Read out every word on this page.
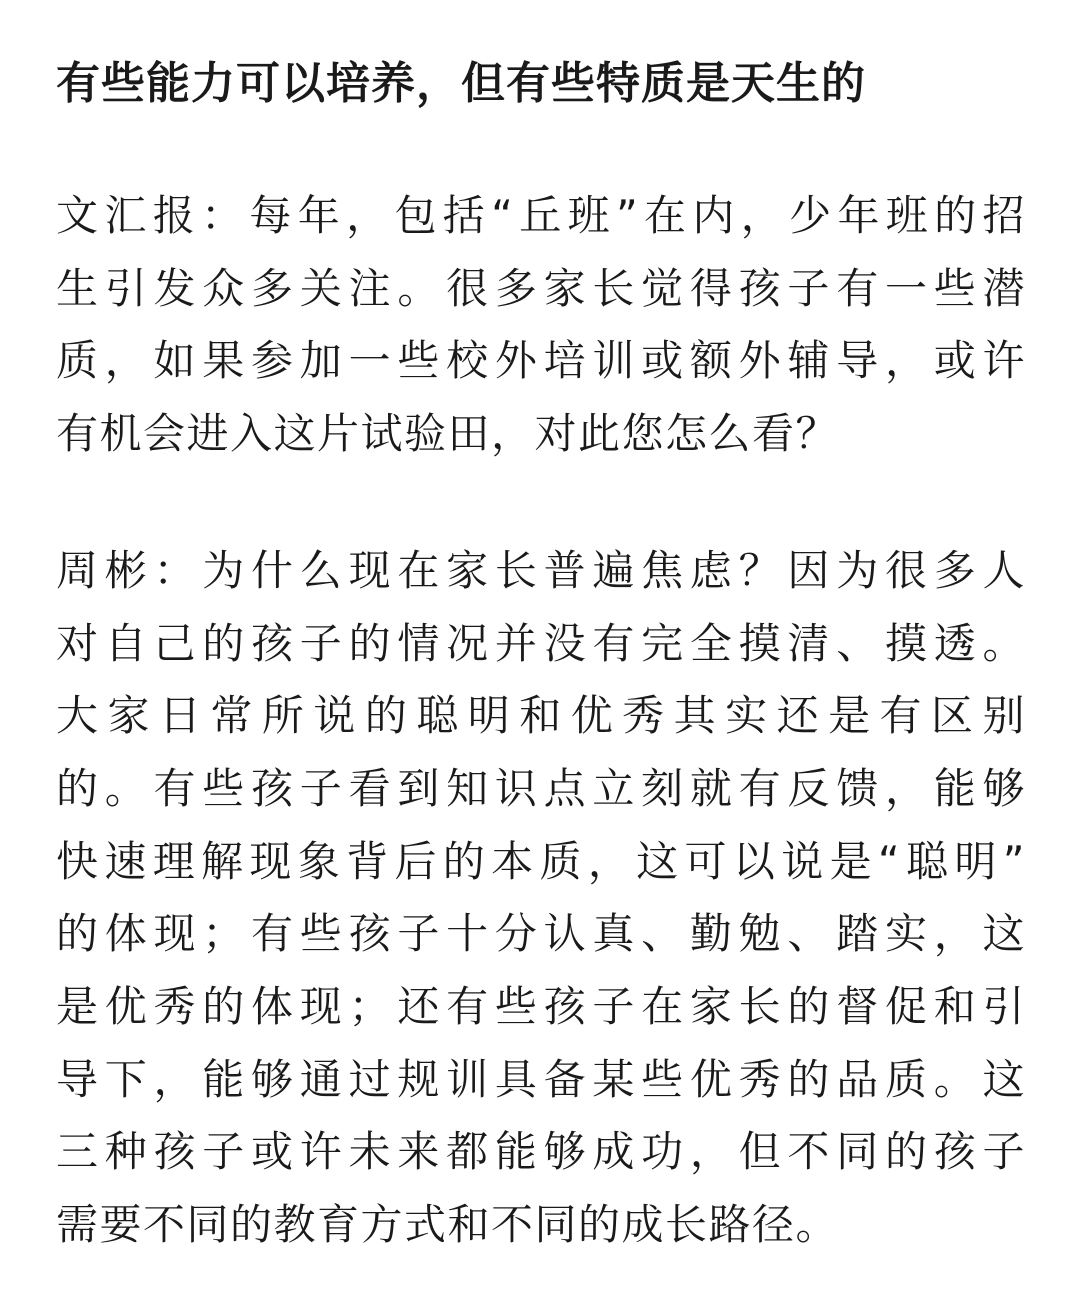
有些能力可以培养，但有些特质是天生的
文汇报：每年，包括“丘班”在内，少年班的招
生引发众多关注。很多家长觉得孩子有一些潜
质，如果参加一些校外培训或额外辅导，或许
有机会进入这片试验田，对此您怎么看？
周彬：为什么现在家长普遍焦虑？因为很多人
对自己的孩子的情况并没有完全摸清、摸透。
大家日常所说的聪明和优秀其实还是有区别
的。有些孩子看到知识点立刻就有反馈，能够
快速理解现象背后的本质，这可以说是“聪明”
的体现；有些孩子十分认真、勤勉、踏实，这
是优秀的体现；还有些孩子在家长的督促和引
导下，能够通过规训具备某些优秀的品质。这
三种孩子或许未来都能够成功，但不同的孩子
需要不同的教育方式和不同的成长路径。
